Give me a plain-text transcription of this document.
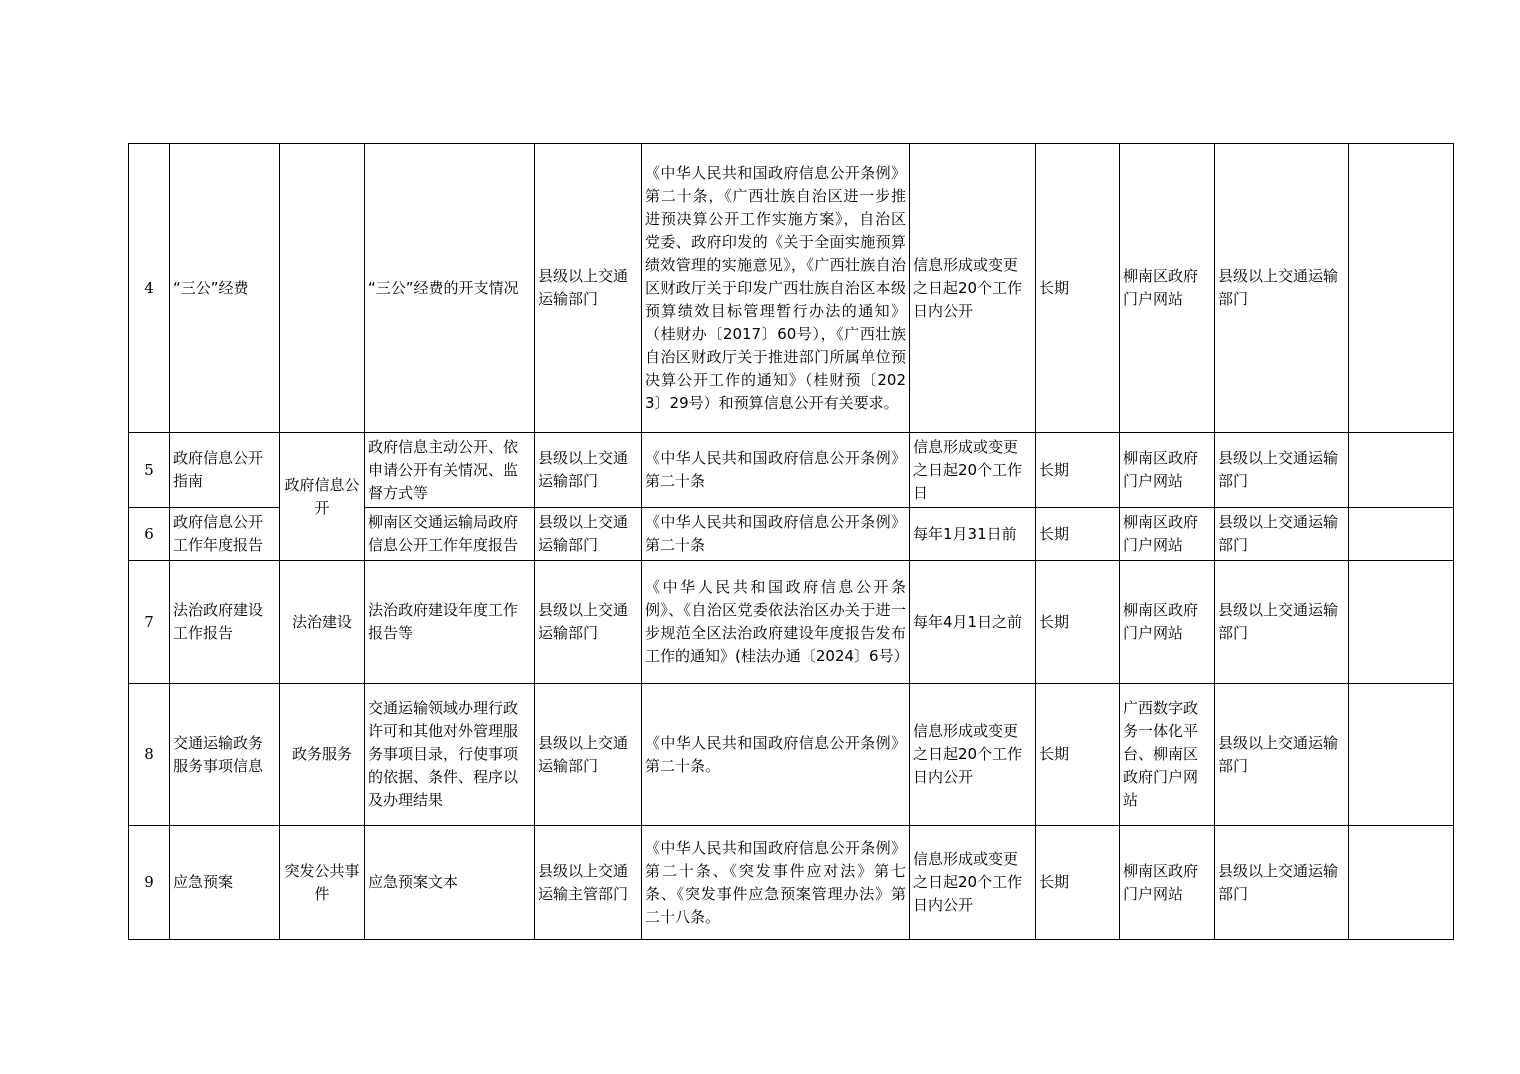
4	“三公”经费		“三公”经费的开支情况	县级以上交通运输部门	《中华人民共和国政府信息公开条例》第二十条，《广西壮族自治区进一步推进预决算公开工作实施方案》，自治区党委、政府印发的《关于全面实施预算绩效管理的实施意见》，《广西壮族自治区财政厅关于印发广西壮族自治区本级预算绩效目标管理暂行办法的通知》（桂财办〔2017〕60号），《广西壮族自治区财政厅关于推进部门所属单位预决算公开工作的通知》（桂财预〔2023〕29号）和预算信息公开有关要求。	信息形成或变更之日起20个工作日内公开	长期	柳南区政府门户网站	县级以上交通运输部门	
5	政府信息公开指南	政府信息公开	政府信息主动公开、依申请公开有关情况、监督方式等	县级以上交通运输部门	《中华人民共和国政府信息公开条例》第二十条	信息形成或变更之日起20个工作日	长期	柳南区政府门户网站	县级以上交通运输部门	
6	政府信息公开工作年度报告		柳南区交通运输局政府信息公开工作年度报告	县级以上交通运输部门	《中华人民共和国政府信息公开条例》第二十条	每年1月31日前	长期	柳南区政府门户网站	县级以上交通运输部门	
7	法治政府建设工作报告	法治建设	法治政府建设年度工作报告等	县级以上交通运输部门	《中华人民共和国政府信息公开条例》、《自治区党委依法治区办关于进一步规范全区法治政府建设年度报告发布工作的通知》(桂法办通〔2024〕6号）	每年4月1日之前	长期	柳南区政府门户网站	县级以上交通运输部门	
8	交通运输政务服务事项信息	政务服务	交通运输领域办理行政许可和其他对外管理服务事项目录，行使事项的依据、条件、程序以及办理结果	县级以上交通运输部门	《中华人民共和国政府信息公开条例》第二十条。	信息形成或变更之日起20个工作日内公开	长期	广西数字政务一体化平台、柳南区政府门户网站	县级以上交通运输部门	
9	应急预案	突发公共事件	应急预案文本	县级以上交通运输主管部门	《中华人民共和国政府信息公开条例》第二十条、《突发事件应对法》第七条、《突发事件应急预案管理办法》第二十八条。	信息形成或变更之日起20个工作日内公开	长期	柳南区政府门户网站	县级以上交通运输部门	
